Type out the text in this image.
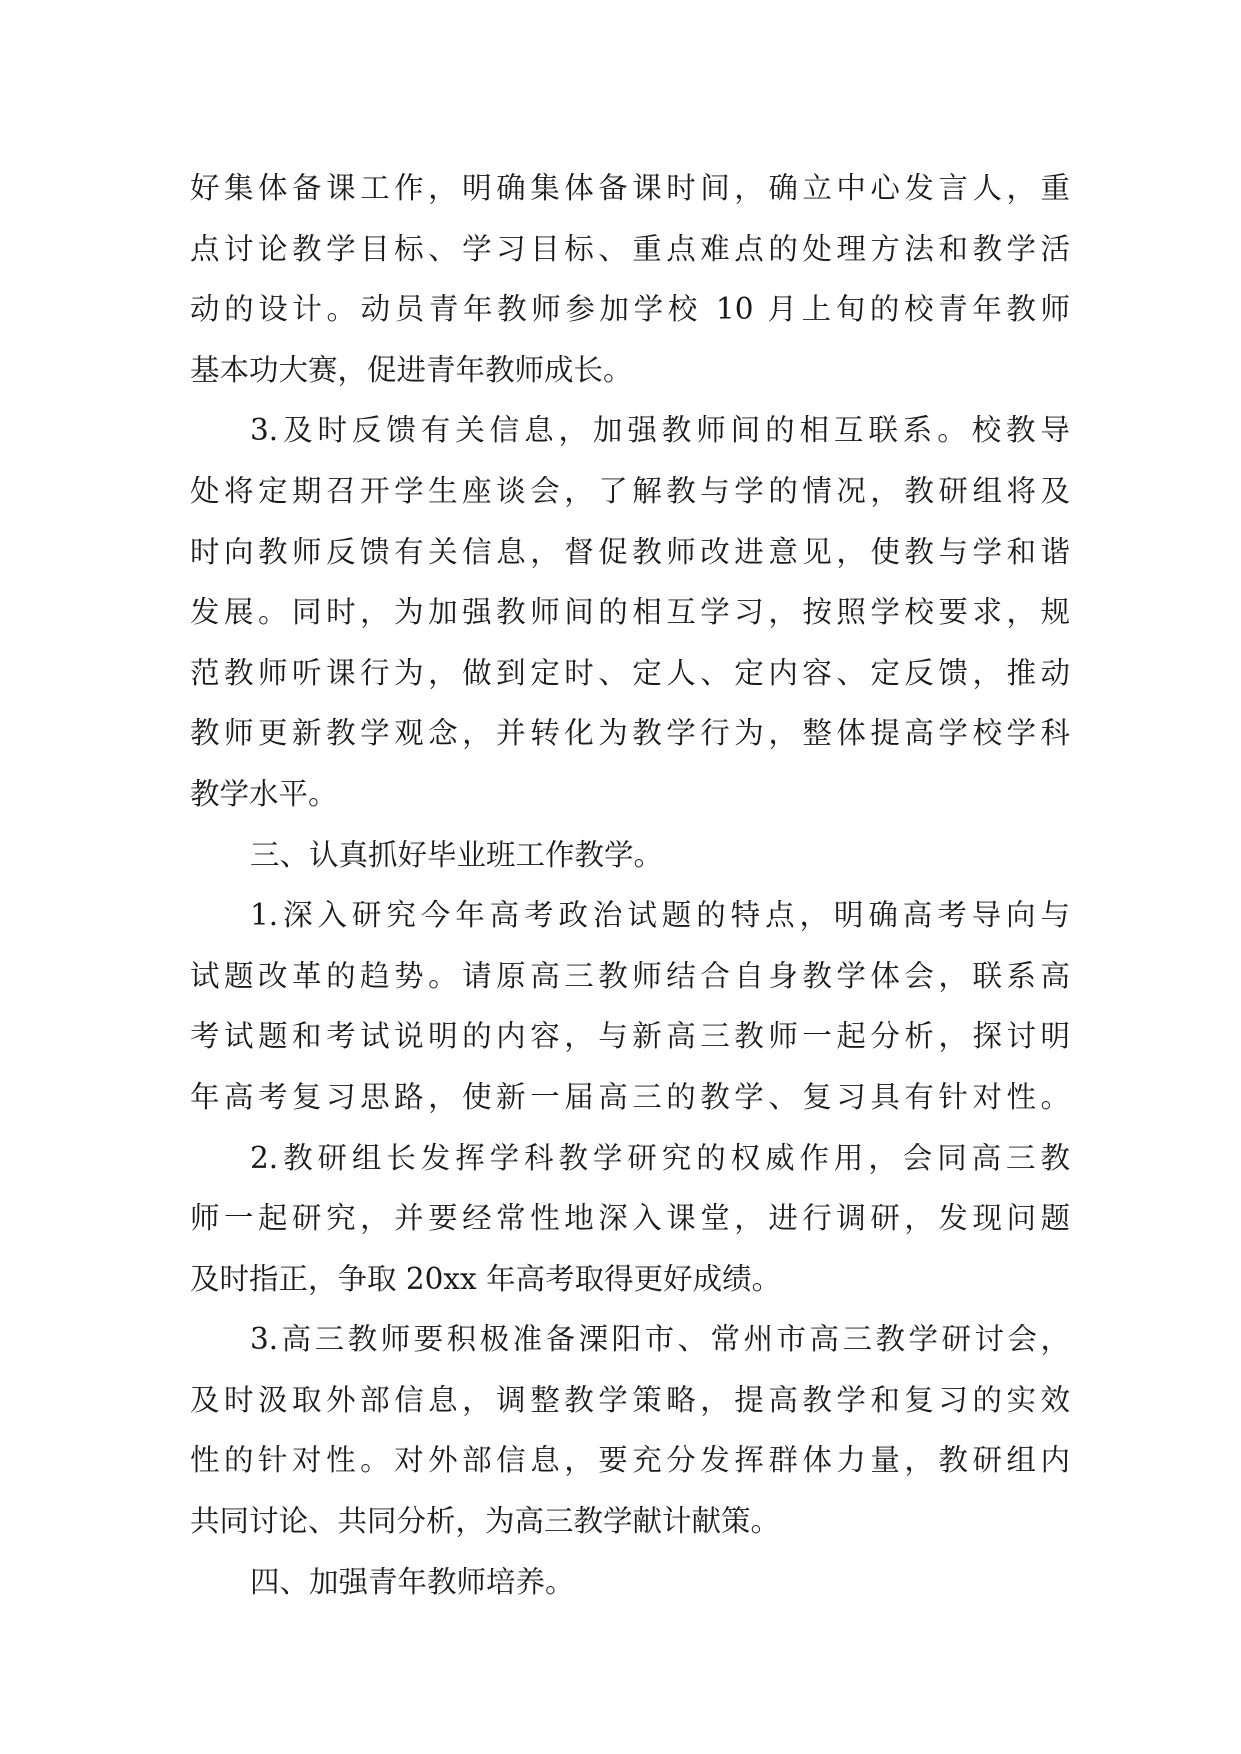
好集体备课工作，明确集体备课时间，确立中心发言人，重
点讨论教学目标、学习目标、重点难点的处理方法和教学活
动的设计。动员青年教师参加学校 10 月上旬的校青年教师
基本功大赛，促进青年教师成长。
3.及时反馈有关信息，加强教师间的相互联系。校教导
处将定期召开学生座谈会，了解教与学的情况，教研组将及
时向教师反馈有关信息，督促教师改进意见，使教与学和谐
发展。同时，为加强教师间的相互学习，按照学校要求，规
范教师听课行为，做到定时、定人、定内容、定反馈，推动
教师更新教学观念，并转化为教学行为，整体提高学校学科
教学水平。
三、认真抓好毕业班工作教学。
1.深入研究今年高考政治试题的特点，明确高考导向与
试题改革的趋势。请原高三教师结合自身教学体会，联系高
考试题和考试说明的内容，与新高三教师一起分析，探讨明
年高考复习思路，使新一届高三的教学、复习具有针对性。
2.教研组长发挥学科教学研究的权威作用，会同高三教
师一起研究，并要经常性地深入课堂，进行调研，发现问题
及时指正，争取 20xx 年高考取得更好成绩。
3.高三教师要积极准备溧阳市、常州市高三教学研讨会，
及时汲取外部信息，调整教学策略，提高教学和复习的实效
性的针对性。对外部信息，要充分发挥群体力量，教研组内
共同讨论、共同分析，为高三教学献计献策。
四、加强青年教师培养。
